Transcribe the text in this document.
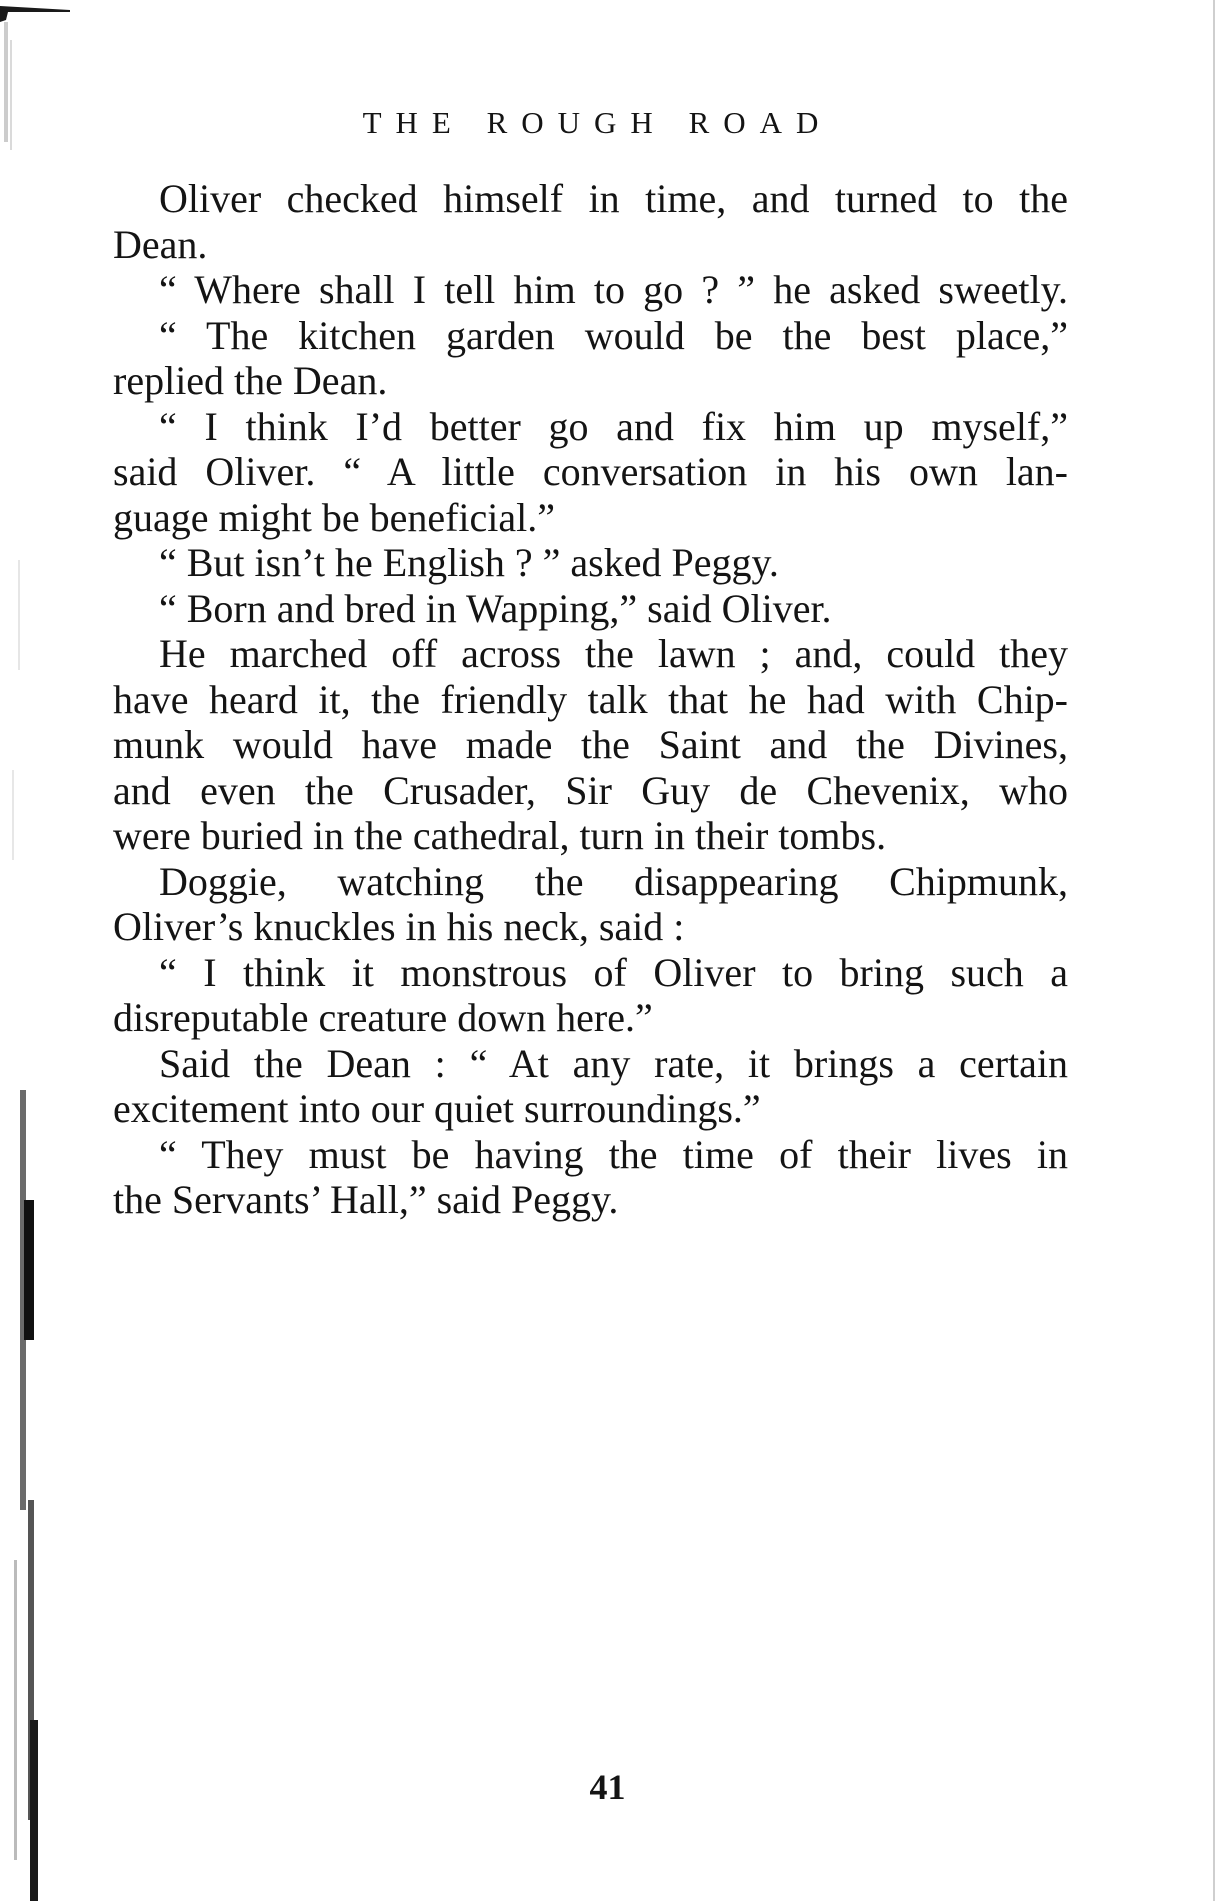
THE ROUGH ROAD
Oliver checked himself in time, and turned to the
Dean.
“ Where shall I tell him to go ? ” he asked sweetly.
“ The kitchen garden would be the best place,”
replied the Dean.
“ I think I’d better go and fix him up myself,”
said Oliver. “ A little conversation in his own lan-
guage might be beneficial.”
“ But isn’t he English ? ” asked Peggy.
“ Born and bred in Wapping,” said Oliver.
He marched off across the lawn ; and, could they
have heard it, the friendly talk that he had with Chip-
munk would have made the Saint and the Divines,
and even the Crusader, Sir Guy de Chevenix, who
were buried in the cathedral, turn in their tombs.
Doggie, watching the disappearing Chipmunk,
Oliver’s knuckles in his neck, said :
“ I think it monstrous of Oliver to bring such a
disreputable creature down here.”
Said the Dean : “ At any rate, it brings a certain
excitement into our quiet surroundings.”
“ They must be having the time of their lives in
the Servants’ Hall,” said Peggy.
41
